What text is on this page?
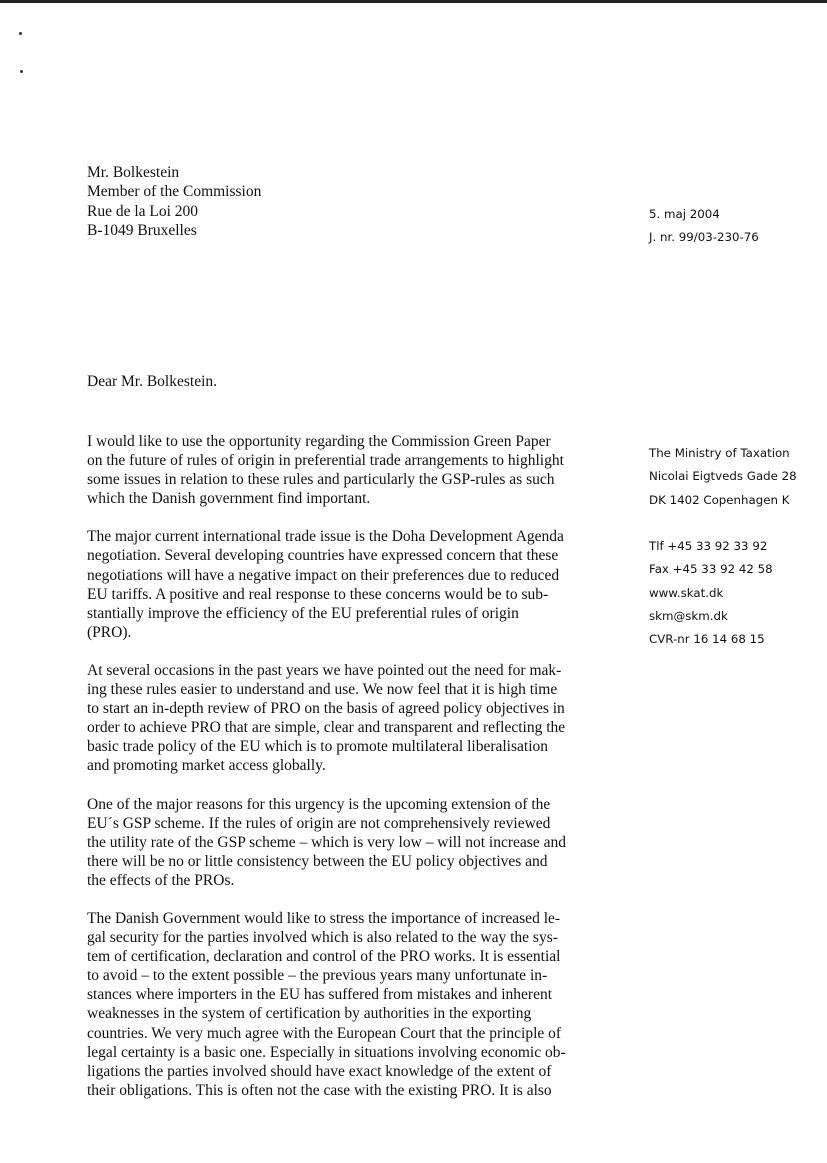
Mr. Bolkestein
Member of the Commission
Rue de la Loi 200
B-1049 Bruxelles
5. maj 2004
J. nr. 99/03-230-76
The Ministry of Taxation
Nicolai Eigtveds Gade 28
DK 1402 Copenhagen K
Tlf +45 33 92 33 92
Fax +45 33 92 42 58
www.skat.dk
skm@skm.dk
CVR-nr 16 14 68 15
Dear Mr. Bolkestein.

I would like to use the opportunity regarding the Commission Green Paper
on the future of rules of origin in preferential trade arrangements to highlight
some issues in relation to these rules and particularly the GSP-rules as such
which the Danish government find important.

The major current international trade issue is the Doha Development Agenda
negotiation. Several developing countries have expressed concern that these
negotiations will have a negative impact on their preferences due to reduced
EU tariffs. A positive and real response to these concerns would be to sub-
stantially improve the efficiency of the EU preferential rules of origin
(PRO).

At several occasions in the past years we have pointed out the need for mak-
ing these rules easier to understand and use. We now feel that it is high time
to start an in-depth review of PRO on the basis of agreed policy objectives in
order to achieve PRO that are simple, clear and transparent and reflecting the
basic trade policy of the EU which is to promote multilateral liberalisation
and promoting market access globally.

One of the major reasons for this urgency is the upcoming extension of the
EU´s GSP scheme. If the rules of origin are not comprehensively reviewed
the utility rate of the GSP scheme – which is very low – will not increase and
there will be no or little consistency between the EU policy objectives and
the effects of the PROs.

The Danish Government would like to stress the importance of increased le-
gal security for the parties involved which is also related to the way the sys-
tem of certification, declaration and control of the PRO works. It is essential
to avoid – to the extent possible – the previous years many unfortunate in-
stances where importers in the EU has suffered from mistakes and inherent
weaknesses in the system of certification by authorities in the exporting
countries. We very much agree with the European Court that the principle of
legal certainty is a basic one. Especially in situations involving economic ob-
ligations the parties involved should have exact knowledge of the extent of
their obligations. This is often not the case with the existing PRO. It is also
